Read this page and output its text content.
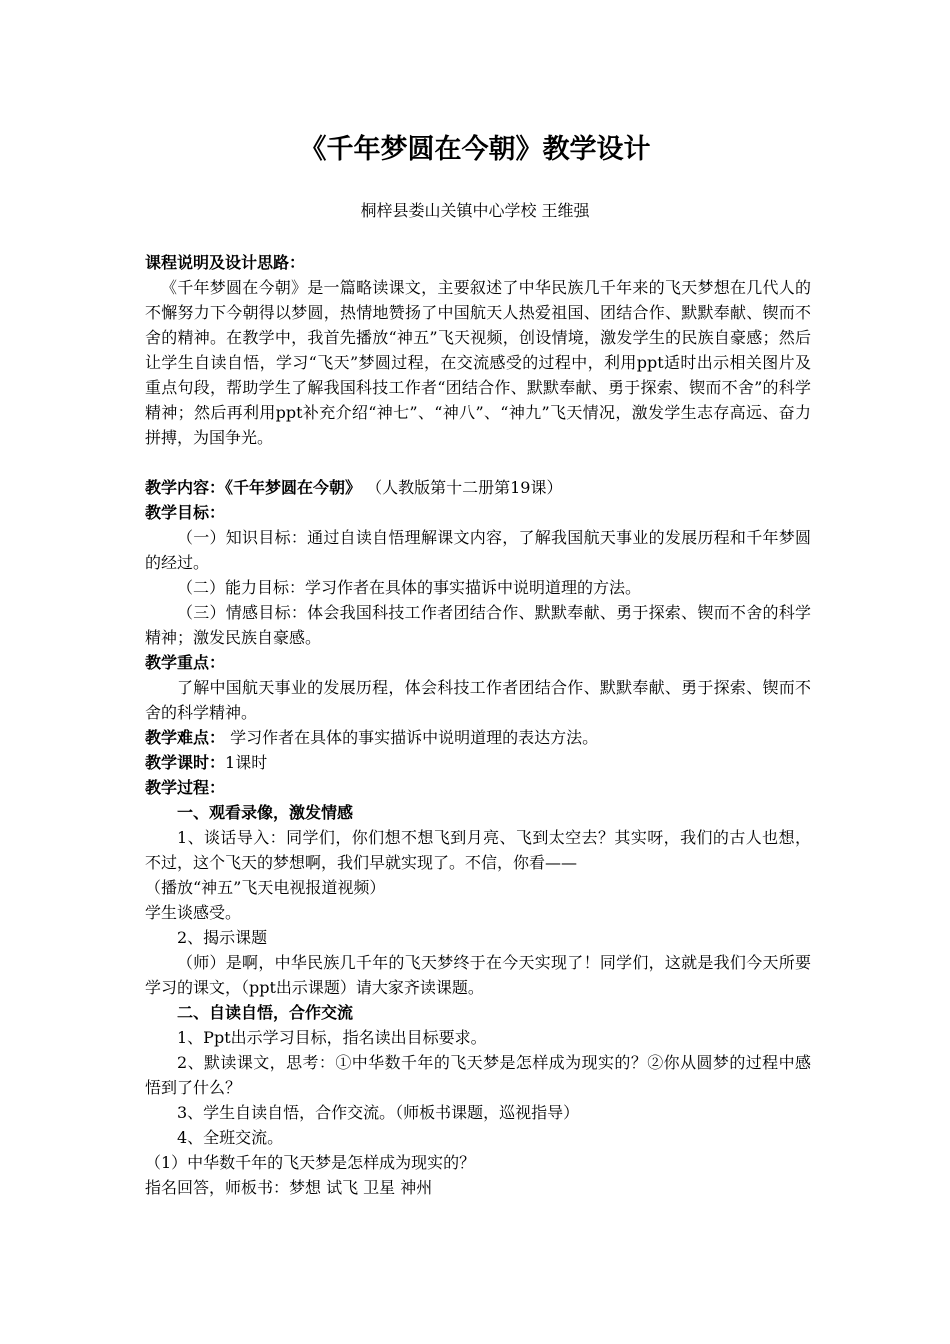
《千年梦圆在今朝》教学设计
桐梓县娄山关镇中心学校 王维强

课程说明及设计思路：

《千年梦圆在今朝》是一篇略读课文，主要叙述了中华民族几千年来的飞天梦想在几代人的不懈努力下今朝得以梦圆，热情地赞扬了中国航天人热爱祖国、团结合作、默默奉献、锲而不舍的精神。在教学中，我首先播放“神五”飞天视频，创设情境，激发学生的民族自豪感；然后让学生自读自悟，学习“飞天”梦圆过程，在交流感受的过程中，利用ppt适时出示相关图片及重点句段，帮助学生了解我国科技工作者“团结合作、默默奉献、勇于探索、锲而不舍”的科学精神；然后再利用ppt补充介绍“神七”、“神八”、“神九”飞天情况，激发学生志存高远、奋力拼搏，为国争光。

教学内容：《千年梦圆在今朝》 （人教版第十二册第19课）

教学目标：

（一）知识目标：通过自读自悟理解课文内容，了解我国航天事业的发展历程和千年梦圆的经过。

（二）能力目标：学习作者在具体的事实描诉中说明道理的方法。

（三）情感目标：体会我国科技工作者团结合作、默默奉献、勇于探索、锲而不舍的科学精神；激发民族自豪感。

教学重点：

了解中国航天事业的发展历程，体会科技工作者团结合作、默默奉献、勇于探索、锲而不舍的科学精神。

教学难点： 学习作者在具体的事实描诉中说明道理的表达方法。

教学课时：1课时

教学过程：

一、观看录像，激发情感

1、谈话导入：同学们，你们想不想飞到月亮、飞到太空去？其实呀，我们的古人也想，不过，这个飞天的梦想啊，我们早就实现了。不信，你看——

（播放“神五”飞天电视报道视频）

学生谈感受。

2、揭示课题

（师）是啊，中华民族几千年的飞天梦终于在今天实现了！同学们，这就是我们今天所要学习的课文，（ppt出示课题）请大家齐读课题。

二、自读自悟，合作交流

1、Ppt出示学习目标，指名读出目标要求。

2、默读课文，思考：①中华数千年的飞天梦是怎样成为现实的？②你从圆梦的过程中感悟到了什么？

3、学生自读自悟，合作交流。（师板书课题，巡视指导）

4、全班交流。

（1）中华数千年的飞天梦是怎样成为现实的？

指名回答，师板书：梦想 试飞 卫星 神州
